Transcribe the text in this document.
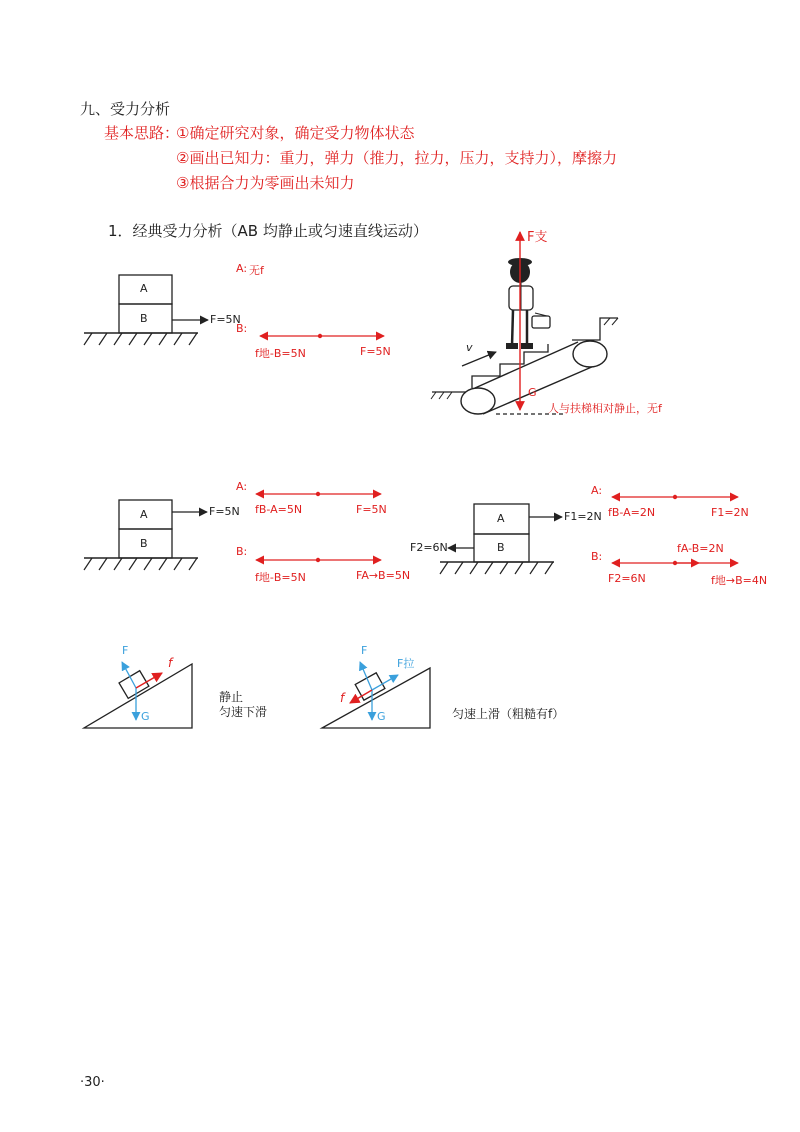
九、受力分析
基本思路：
①确定研究对象，确定受力物体状态
②画出已知力：重力，弹力（推力，拉力，压力，支持力），摩擦力
③根据合力为零画出未知力
1．经典受力分析（AB 均静止或匀速直线运动）
A
B	F=5N
A: 无f
B:
f地-B=5N	F=5N
F支
v
G
人与扶梯相对静止，无f
A
B
F=5N
A:
fB-A=5N	F=5N
B:
f地-B=5N	FA→B=5N
A
B
F1=2N
F2=6N
A:
fB-A=2N	F1=2N
B:
fA-B=2N
F2=6N	f地→B=4N
F
G
f
静止
匀速下滑
F
F拉
G
f
匀速上滑（粗糙有f）
·30·
